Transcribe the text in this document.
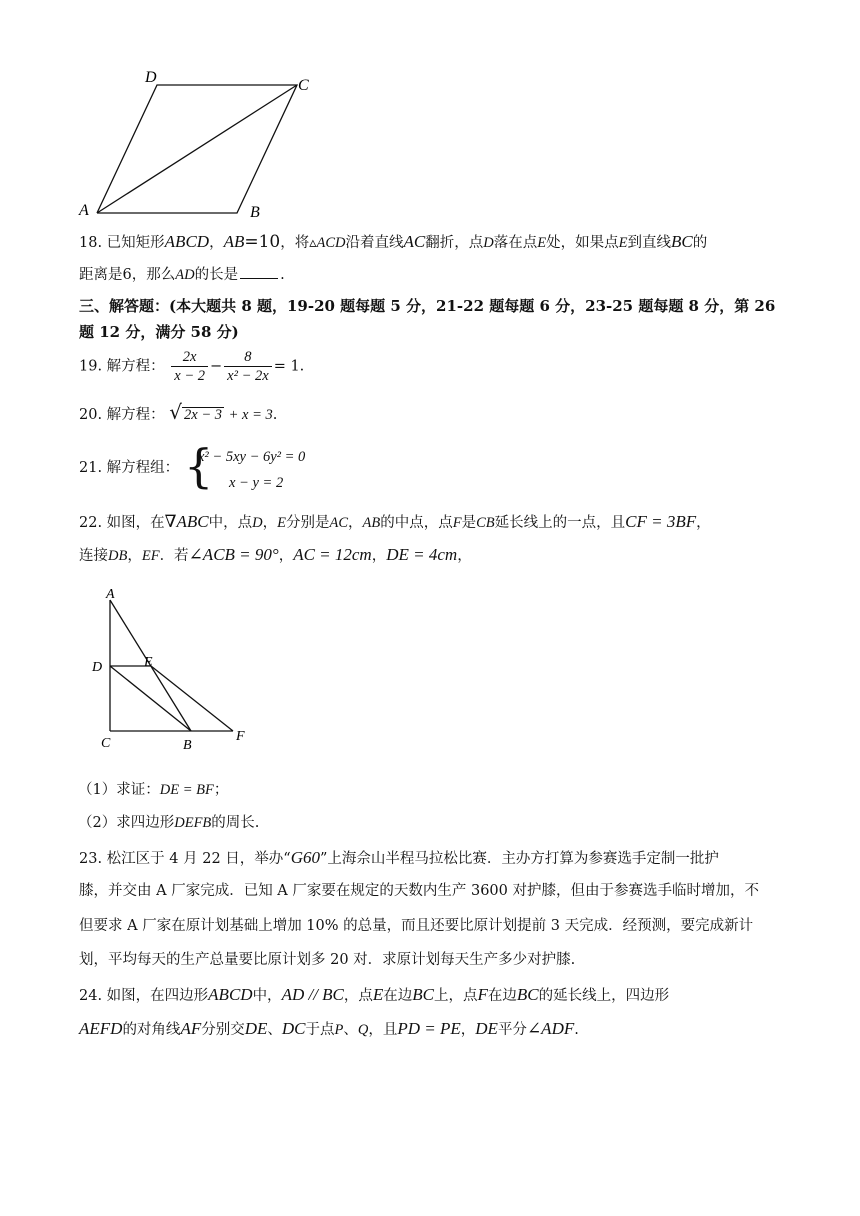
D	C
A	B
18. 已知矩形ABCD，AB=10，将▵ACD沿着直线AC翻折，点D落在点E处，如果点E到直线BC的
距离是6，那么AD的长是	.
三、解答题：(本大题共 8 题，19-20 题每题 5 分，21-22 题每题 6 分，23-25 题每题 8 分，第 26
题 12 分，满分 58 分)
19. 解方程： $\frac{2x}{x - 2} - \frac{8}{\text{x² − 2x}} = 1$.
20. 解方程： √ 2x − 3 + x = 3.
21. 解方程组： {
x² − 5xy − 6y² = 0
x − y = 2
22. 如图，在∇ABC中，点D，E分别是AC，AB的中点，点F是CB延长线上的一点，且CF = 3BF，
连接DB，EF．若∠ACB = 90°，AC = 12cm，DE = 4cm，
A
D	E
C	B
F
（1）求证：DE = BF；
（2）求四边形DEFB的周长.
23. 松江区于 4 月 22 日，举办“G60”上海佘山半程马拉松比赛．主办方打算为参赛选手定制一批护
膝，并交由 A 厂家完成．已知 A 厂家要在规定的天数内生产 3600 对护膝，但由于参赛选手临时增加，不
但要求 A 厂家在原计划基础上增加 10% 的总量，而且还要比原计划提前 3 天完成．经预测，要完成新计
划，平均每天的生产总量要比原计划多 20 对．求原计划每天生产多少对护膝.
24. 如图，在四边形ABCD中，AD // BC，点E在边BC上，点F在边BC的延长线上，四边形
AEFD的对角线AF分别交DE、DC于点P、Q，且PD = PE，DE平分∠ADF.
